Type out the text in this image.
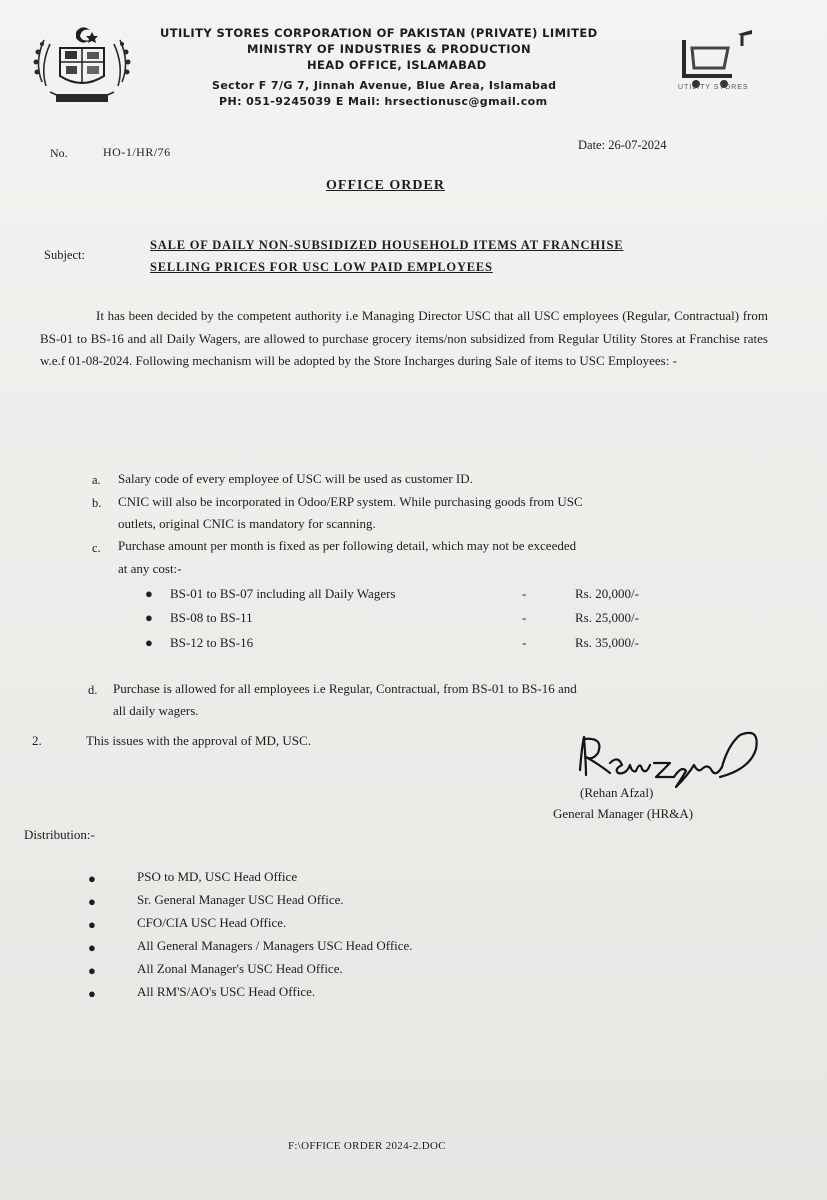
UTILITY STORES
UTILITY STORES CORPORATION OF PAKISTAN (PRIVATE) LIMITED
MINISTRY OF INDUSTRIES & PRODUCTION
HEAD OFFICE, ISLAMABAD
Sector F 7/G 7, Jinnah Avenue, Blue Area, Islamabad
PH: 051-9245039 E Mail: hrsectionusc@gmail.com
No.	HO-1/HR/76	Date: 26-07-2024
OFFICE ORDER
Subject:
SALE OF DAILY NON-SUBSIDIZED HOUSEHOLD ITEMS AT FRANCHISE
SELLING PRICES FOR USC LOW PAID EMPLOYEES

It has been decided by the competent authority i.e Managing Director USC that all USC employees (Regular, Contractual) from BS-01 to BS-16 and all Daily Wagers, are allowed to purchase grocery items/non subsidized from Regular Utility Stores at Franchise rates w.e.f 01-08-2024. Following mechanism will be adopted by the Store Incharges during Sale of items to USC Employees: -

a. Salary code of every employee of USC will be used as customer ID.
b. CNIC will also be incorporated in Odoo/ERP system. While purchasing goods from USC
outlets, original CNIC is mandatory for scanning.
c. Purchase amount per month is fixed as per following detail, which may not be exceeded
at any cost:-
● BS-01 to BS-07 including all Daily Wagers	-	Rs. 20,000/-
● BS-08 to BS-11	-	Rs. 25,000/-
● BS-12 to BS-16	-	Rs. 35,000/-
d. Purchase is allowed for all employees i.e Regular, Contractual, from BS-01 to BS-16 and
all daily wagers.
2.	This issues with the approval of MD, USC.
(Rehan Afzal)
General Manager (HR&A)
Distribution:-
●	PSO to MD, USC Head Office
●	Sr. General Manager USC Head Office.
●	CFO/CIA USC Head Office.
●	All General Managers / Managers USC Head Office.
●	All Zonal Manager's USC Head Office.
●	All RM'S/AO's USC Head Office.
F:\OFFICE ORDER 2024-2.DOC
